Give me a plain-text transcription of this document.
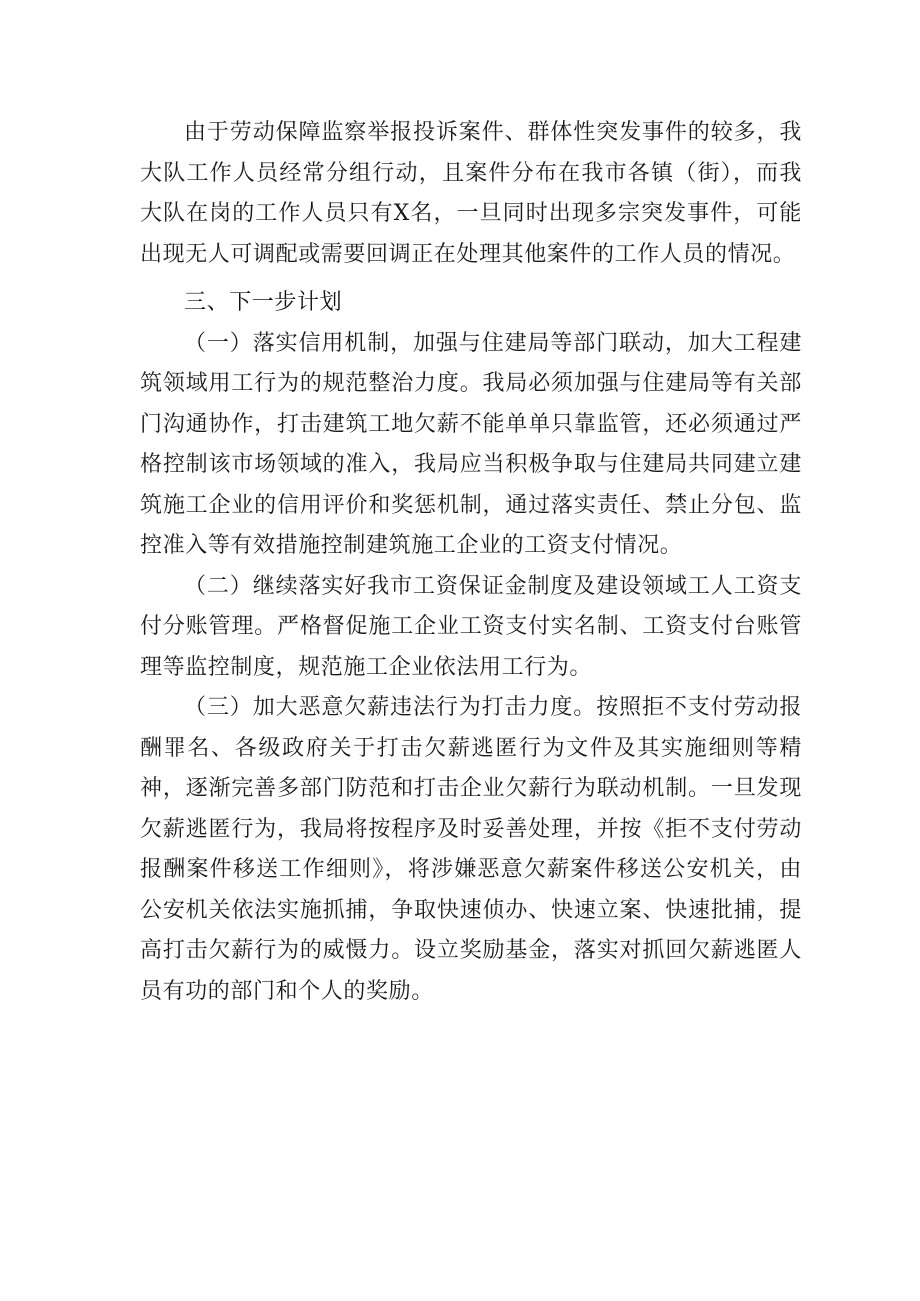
由于劳动保障监察举报投诉案件、群体性突发事件的较多，我大队工作人员经常分组行动，且案件分布在我市各镇（街），而我大队在岗的工作人员只有X名，一旦同时出现多宗突发事件，可能出现无人可调配或需要回调正在处理其他案件的工作人员的情况。

三、下一步计划

（一）落实信用机制，加强与住建局等部门联动，加大工程建筑领域用工行为的规范整治力度。我局必须加强与住建局等有关部门沟通协作，打击建筑工地欠薪不能单单只靠监管，还必须通过严格控制该市场领域的准入，我局应当积极争取与住建局共同建立建筑施工企业的信用评价和奖惩机制，通过落实责任、禁止分包、监控准入等有效措施控制建筑施工企业的工资支付情况。

（二）继续落实好我市工资保证金制度及建设领域工人工资支付分账管理。严格督促施工企业工资支付实名制、工资支付台账管理等监控制度，规范施工企业依法用工行为。

（三）加大恶意欠薪违法行为打击力度。按照拒不支付劳动报酬罪名、各级政府关于打击欠薪逃匿行为文件及其实施细则等精神，逐渐完善多部门防范和打击企业欠薪行为联动机制。一旦发现欠薪逃匿行为，我局将按程序及时妥善处理，并按《拒不支付劳动报酬案件移送工作细则》，将涉嫌恶意欠薪案件移送公安机关，由公安机关依法实施抓捕，争取快速侦办、快速立案、快速批捕，提高打击欠薪行为的威慑力。设立奖励基金，落实对抓回欠薪逃匿人员有功的部门和个人的奖励。
